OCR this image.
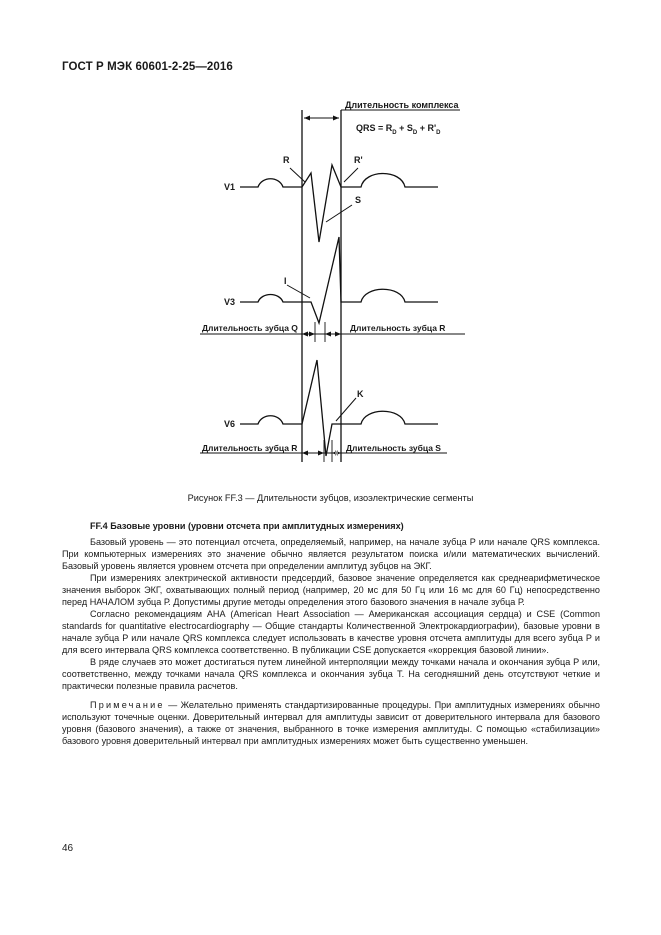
ГОСТ Р МЭК 60601-2-25—2016
Длительность комплекса
QRS = $R_D + S_D + R'_D$
R	R'
S
I
K
V1
V3
V6
Длительность зубца Q	Длительность зубца R
Длительность зубца R	Длительность зубца S
Рисунок FF.3 — Длительности зубцов, изоэлектрические сегменты
FF.4 Базовые уровни (уровни отсчета при амплитудных измерениях)

Базовый уровень — это потенциал отсчета, определяемый, например, на начале зубца Р или начале QRS комплекса. При компьютерных измерениях это значение обычно является результатом поиска и/или математических вычислений. Базовый уровень является уровнем отсчета при определении амплитуд зубцов на ЭКГ.

При измерениях электрической активности предсердий, базовое значение определяется как среднеарифметическое значения выборок ЭКГ, охватывающих полный период (например, 20 мс для 50 Гц или 16 мс для 60 Гц) непосредственно перед НАЧАЛОМ зубца Р. Допустимы другие методы определения этого базового значения в начале зубца Р.

Согласно рекомендациям АНА (American Heart Association — Американская ассоциация сердца) и CSE (Common standards for quantitative electrocardiography — Общие стандарты Количественной Электрокардиографии), базовые уровни в начале зубца Р или начале QRS комплекса следует использовать в качестве уровня отсчета амплитуды для всего зубца Р и для всего интервала QRS комплекса соответственно. В публикации CSE допускается «коррекция базовой линии».

В ряде случаев это может достигаться путем линейной интерполяции между точками начала и окончания зубца Р или, соответственно, между точками начала QRS комплекса и окончания зубца Т. На сегодняшний день отсутствуют четкие и практически полезные правила расчетов.

Примечание — Желательно применять стандартизированные процедуры. При амплитудных измерениях обычно используют точечные оценки. Доверительный интервал для амплитуды зависит от доверительного интервала для базового уровня (базового значения), а также от значения, выбранного в точке измерения амплитуды. С помощью «стабилизации» базового уровня доверительный интервал при амплитудных измерениях может быть существенно уменьшен.

46
